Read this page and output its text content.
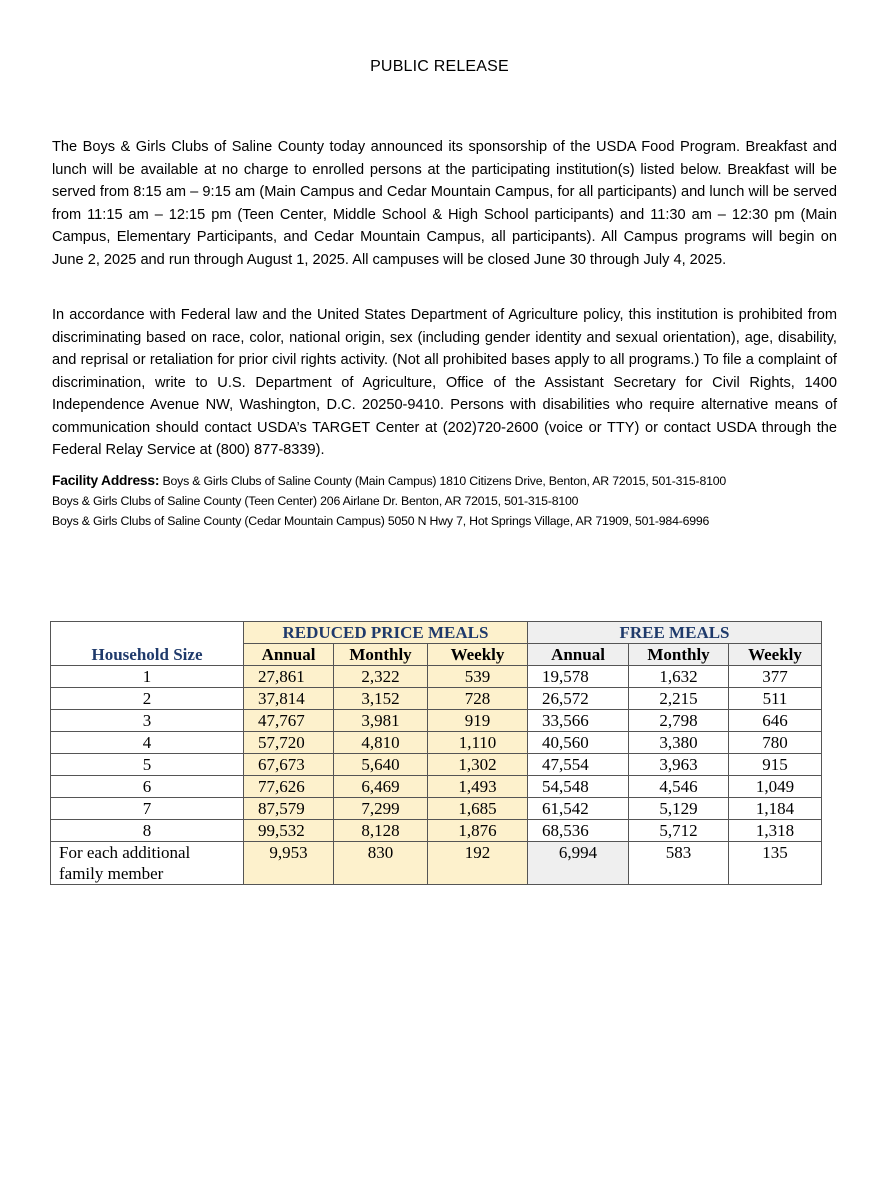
PUBLIC RELEASE

The Boys & Girls Clubs of Saline County today announced its sponsorship of the USDA Food Program. Breakfast and lunch will be available at no charge to enrolled persons at the participating institution(s) listed below. Breakfast will be served from 8:15 am – 9:15 am (Main Campus and Cedar Mountain Campus, for all participants) and lunch will be served from 11:15 am – 12:15 pm (Teen Center, Middle School & High School participants) and 11:30 am – 12:30 pm (Main Campus, Elementary Participants, and Cedar Mountain Campus, all participants). All Campus programs will begin on June 2, 2025 and run through August 1, 2025. All campuses will be closed June 30 through July 4, 2025.

In accordance with Federal law and the United States Department of Agriculture policy, this institution is prohibited from discriminating based on race, color, national origin, sex (including gender identity and sexual orientation), age, disability, and reprisal or retaliation for prior civil rights activity. (Not all prohibited bases apply to all programs.) To file a complaint of discrimination, write to U.S. Department of Agriculture, Office of the Assistant Secretary for Civil Rights, 1400 Independence Avenue NW, Washington, D.C. 20250-9410. Persons with disabilities who require alternative means of communication should contact USDA’s TARGET Center at (202)720-2600 (voice or TTY) or contact USDA through the Federal Relay Service at (800) 877-8339).

Facility Address: Boys & Girls Clubs of Saline County (Main Campus) 1810 Citizens Drive, Benton, AR 72015, 501-315-8100
Boys & Girls Clubs of Saline County (Teen Center) 206 Airlane Dr. Benton, AR 72015, 501-315-8100
Boys & Girls Clubs of Saline County (Cedar Mountain Campus) 5050 N Hwy 7, Hot Springs Village, AR 71909, 501-984-6996
Household Size	REDUCED PRICE MEALS			FREE MEALS		
	Annual	Monthly	Weekly	Annual	Monthly	Weekly
1	27,861	2,322	539	19,578	1,632	377
2	37,814	3,152	728	26,572	2,215	511
3	47,767	3,981	919	33,566	2,798	646
4	57,720	4,810	1,110	40,560	3,380	780
5	67,673	5,640	1,302	47,554	3,963	915
6	77,626	6,469	1,493	54,548	4,546	1,049
7	87,579	7,299	1,685	61,542	5,129	1,184
8	99,532	8,128	1,876	68,536	5,712	1,318
For each additional
family member	9,953	830	192	6,994	583	135
